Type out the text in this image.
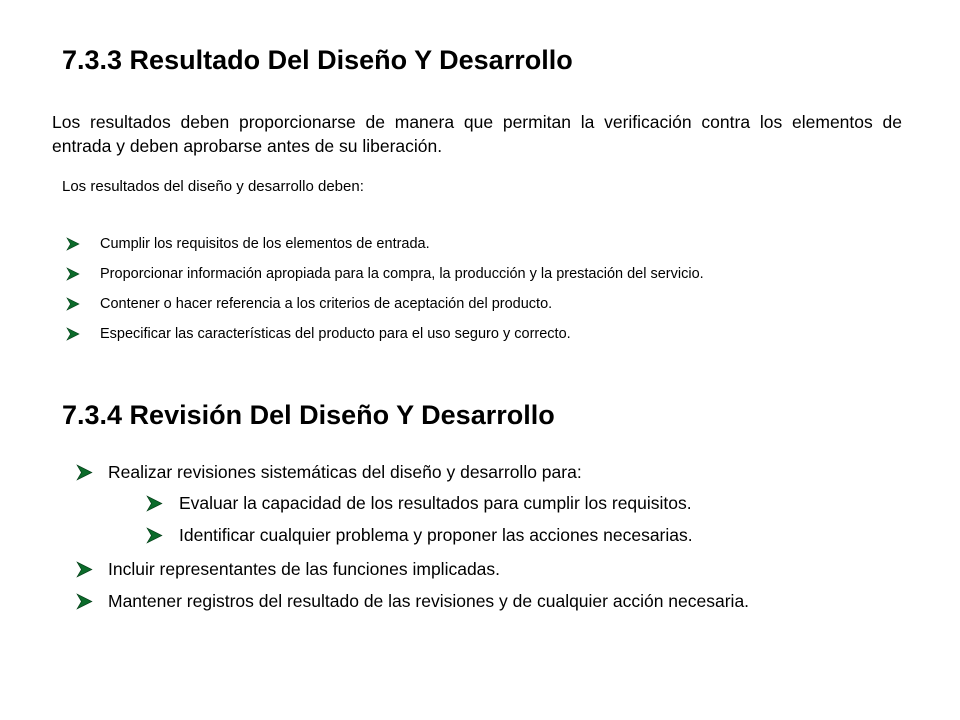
7.3.3 Resultado Del Diseño Y Desarrollo

Los resultados deben proporcionarse de manera que permitan la verificación contra los elementos de entrada y deben aprobarse antes de su liberación.

Los resultados del diseño y desarrollo deben:

Cumplir los requisitos de los elementos de entrada.
Proporcionar información apropiada para la compra, la producción y la prestación del servicio.
Contener o hacer referencia a los criterios de aceptación del producto.
Especificar las características del producto para el uso seguro y correcto.
7.3.4 Revisión Del Diseño Y Desarrollo
Realizar revisiones sistemáticas del diseño y desarrollo para:
Evaluar la capacidad de los resultados para cumplir los requisitos.
Identificar cualquier problema y proponer las acciones necesarias.
Incluir representantes de las funciones implicadas.
Mantener registros del resultado de las revisiones y de cualquier acción necesaria.
